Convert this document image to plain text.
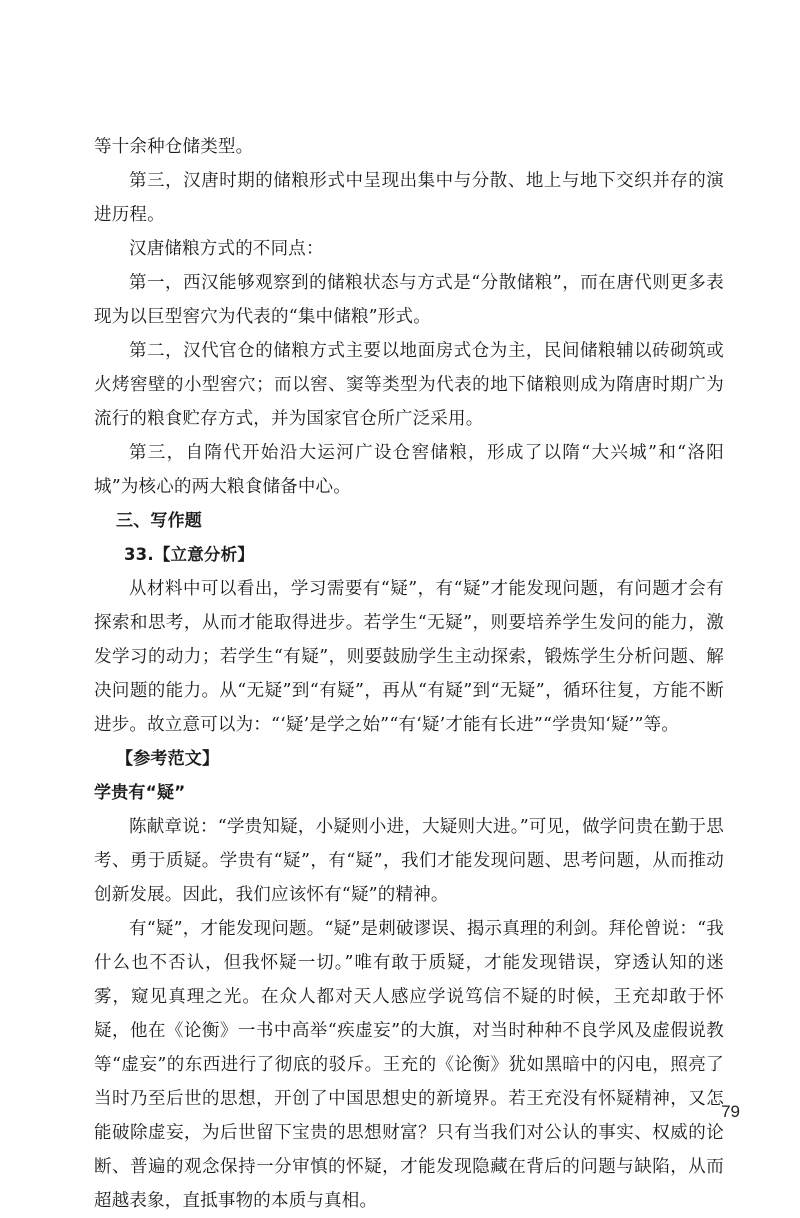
等十余种仓储类型。

第三，汉唐时期的储粮形式中呈现出集中与分散、地上与地下交织并存的演进历程。

汉唐储粮方式的不同点：

第一，西汉能够观察到的储粮状态与方式是“分散储粮”，而在唐代则更多表现为以巨型窖穴为代表的“集中储粮”形式。

第二，汉代官仓的储粮方式主要以地面房式仓为主，民间储粮辅以砖砌筑或火烤窖壁的小型窖穴；而以窖、窦等类型为代表的地下储粮则成为隋唐时期广为流行的粮食贮存方式，并为国家官仓所广泛采用。

第三，自隋代开始沿大运河广设仓窖储粮，形成了以隋“大兴城”和“洛阳城”为核心的两大粮食储备中心。

三、写作题

33.【立意分析】

从材料中可以看出，学习需要有“疑”，有“疑”才能发现问题，有问题才会有探索和思考，从而才能取得进步。若学生“无疑”，则要培养学生发问的能力，激发学习的动力；若学生“有疑”，则要鼓励学生主动探索，锻炼学生分析问题、解决问题的能力。从“无疑”到“有疑”，再从“有疑”到“无疑”，循环往复，方能不断进步。故立意可以为：“‘疑’是学之始”“有‘疑’才能有长进”“学贵知‘疑’”等。

【参考范文】

学贵有“疑”

陈献章说：“学贵知疑，小疑则小进，大疑则大进。”可见，做学问贵在勤于思考、勇于质疑。学贵有“疑”，有“疑”，我们才能发现问题、思考问题，从而推动创新发展。因此，我们应该怀有“疑”的精神。

有“疑”，才能发现问题。“疑”是刺破谬误、揭示真理的利剑。拜伦曾说：“我什么也不否认，但我怀疑一切。”唯有敢于质疑，才能发现错误，穿透认知的迷雾，窥见真理之光。在众人都对天人感应学说笃信不疑的时候，王充却敢于怀疑，他在《论衡》一书中高举“疾虚妄”的大旗，对当时种种不良学风及虚假说教等“虚妄”的东西进行了彻底的驳斥。王充的《论衡》犹如黑暗中的闪电，照亮了当时乃至后世的思想，开创了中国思想史的新境界。若王充没有怀疑精神，又怎能破除虚妄，为后世留下宝贵的思想财富？只有当我们对公认的事实、权威的论断、普遍的观念保持一分审慎的怀疑，才能发现隐藏在背后的问题与缺陷，从而超越表象，直抵事物的本质与真相。

79
